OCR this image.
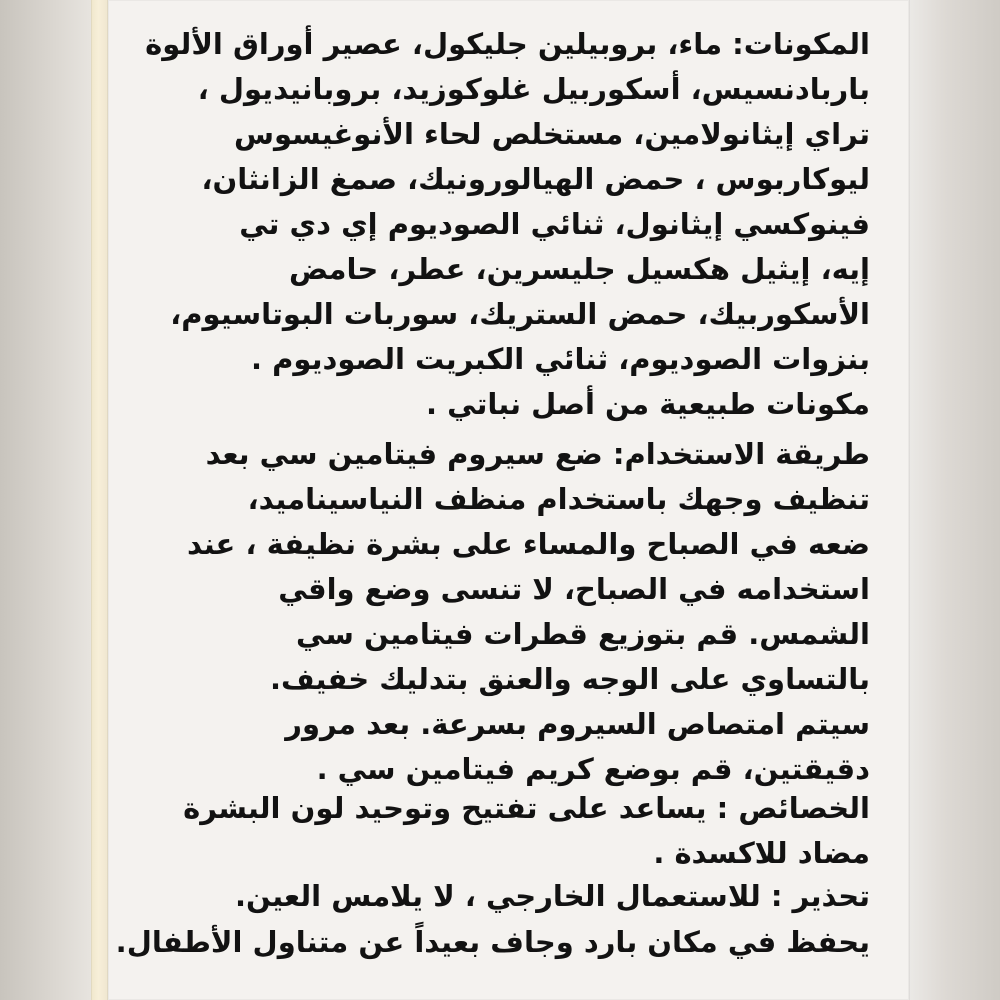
المكونات: ماء، بروبيلين جليكول، عصير أوراق الألوة
باربادنسيس، أسكوربيل غلوكوزيد، بروبانيديول ،
تراي إيثانولامين، مستخلص لحاء الأنوغيسوس
ليوكاربوس ، حمض الهيالورونيك، صمغ الزانثان،
فينوكسي إيثانول، ثنائي الصوديوم إي دي تي
إيه، إيثيل هكسيل جليسرين، عطر، حامض
الأسكوربيك، حمض الستريك، سوربات البوتاسيوم،
بنزوات الصوديوم، ثنائي الكبريت الصوديوم .
مكونات طبيعية من أصل نباتي .
طريقة الاستخدام: ضع سيروم فيتامين سي بعد
تنظيف وجهك باستخدام منظف النياسيناميد،
ضعه في الصباح والمساء على بشرة نظيفة ، عند
استخدامه في الصباح، لا تنسى وضع واقي
الشمس. قم بتوزيع قطرات فيتامين سي
بالتساوي على الوجه والعنق بتدليك خفيف.
سيتم امتصاص السيروم بسرعة. بعد مرور
دقيقتين، قم بوضع كريم فيتامين سي .
الخصائص : يساعد على تفتيح وتوحيد لون البشرة
مضاد للاكسدة .
تحذير : للاستعمال الخارجي ، لا يلامس العين.
يحفظ في مكان بارد وجاف بعيداً عن متناول الأطفال.
